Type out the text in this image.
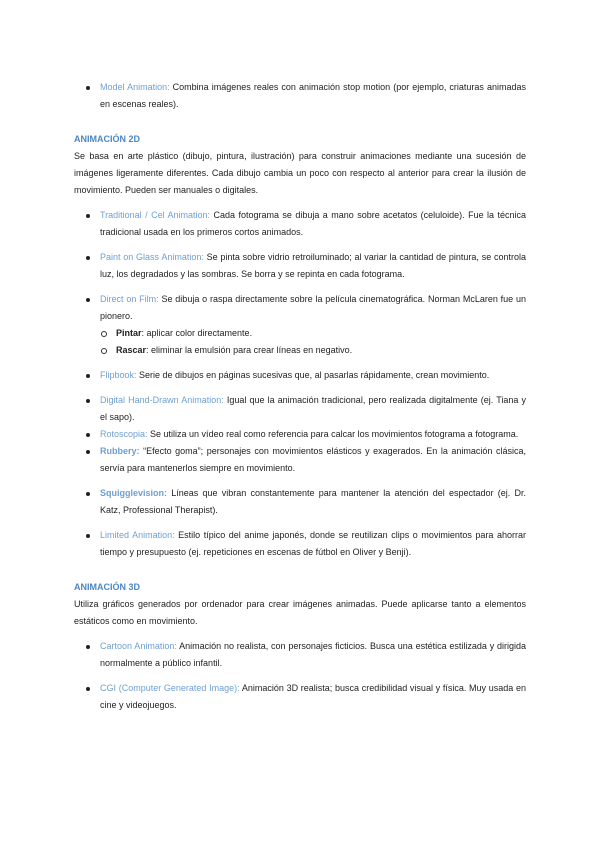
Model Animation: Combina imágenes reales con animación stop motion (por ejemplo, criaturas animadas en escenas reales).

ANIMACIÓN 2D

Se basa en arte plástico (dibujo, pintura, ilustración) para construir animaciones mediante una sucesión de imágenes ligeramente diferentes. Cada dibujo cambia un poco con respecto al anterior para crear la ilusión de movimiento. Pueden ser manuales o digitales.

Traditional / Cel Animation: Cada fotograma se dibuja a mano sobre acetatos (celuloide). Fue la técnica tradicional usada en los primeros cortos animados.
Paint on Glass Animation: Se pinta sobre vidrio retroiluminado; al variar la cantidad de pintura, se controla luz, los degradados y las sombras. Se borra y se repinta en cada fotograma.
Direct on Film: Se dibuja o raspa directamente sobre la película cinematográfica. Norman McLaren fue un pionero.
Pintar: aplicar color directamente.
Rascar: eliminar la emulsión para crear líneas en negativo.
Flipbook: Serie de dibujos en páginas sucesivas que, al pasarlas rápidamente, crean movimiento.
Digital Hand-Drawn Animation: Igual que la animación tradicional, pero realizada digitalmente (ej. Tiana y el sapo).
Rotoscopia: Se utiliza un vídeo real como referencia para calcar los movimientos fotograma a fotograma.
Rubbery: “Efecto goma”; personajes con movimientos elásticos y exagerados. En la animación clásica, servía para mantenerlos siempre en movimiento.
Squigglevision: Líneas que vibran constantemente para mantener la atención del espectador (ej. Dr. Katz, Professional Therapist).
Limited Animation: Estilo típico del anime japonés, donde se reutilizan clips o movimientos para ahorrar tiempo y presupuesto (ej. repeticiones en escenas de fútbol en Oliver y Benji).

ANIMACIÓN 3D

Utiliza gráficos generados por ordenador para crear imágenes animadas. Puede aplicarse tanto a elementos estáticos como en movimiento.

Cartoon Animation: Animación no realista, con personajes ficticios. Busca una estética estilizada y dirigida normalmente a público infantil.
CGI (Computer Generated Image): Animación 3D realista; busca credibilidad visual y física. Muy usada en cine y videojuegos.
